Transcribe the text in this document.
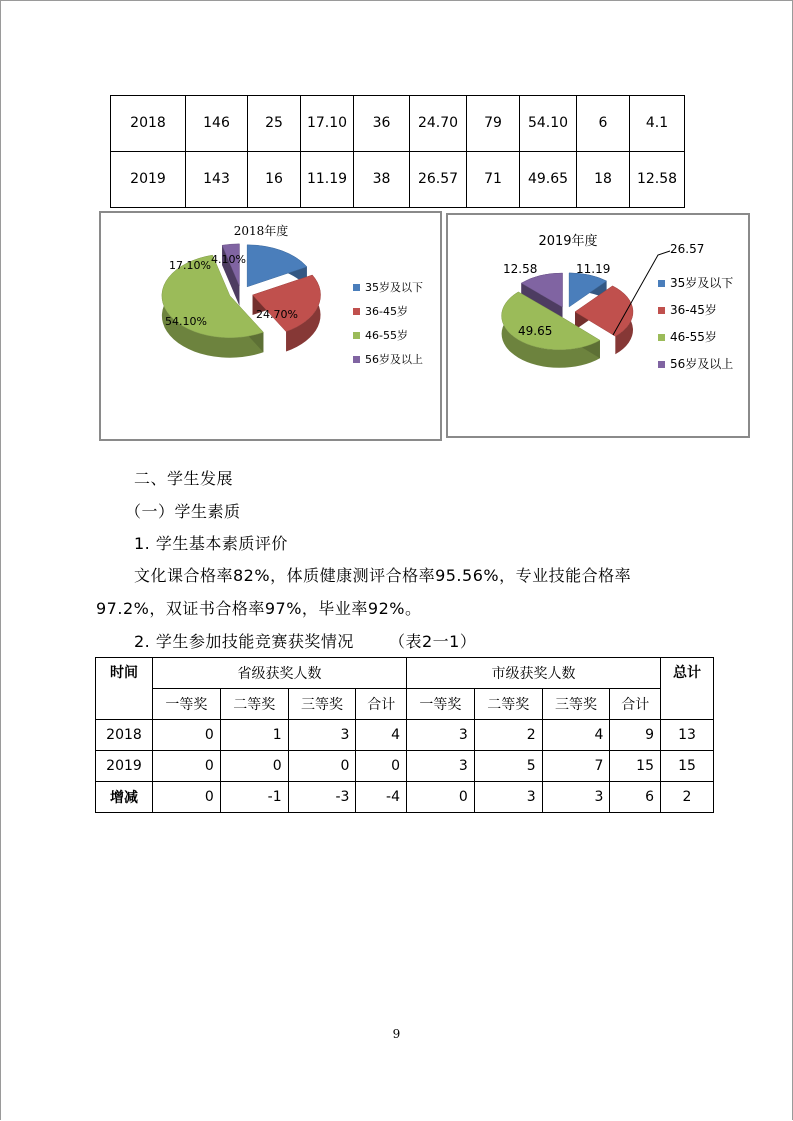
2018	146	25	17.10	36	24.70	79	54.10	6	4.1
2019	143	16	11.19	38	26.57	71	49.65	18	12.58
2018年度
17.10%
24.70%
54.10%
4.10%
35岁及以下
36-45岁
46-55岁
56岁及以上
2019年度
11.19
26.57
49.65
12.58
35岁及以下
36-45岁
46-55岁
56岁及以上
二、学生发展
（一）学生素质
1. 学生基本素质评价
文化课合格率82%，体质健康测评合格率95.56%，专业技能合格率
97.2%，双证书合格率97%，毕业率92%。
2. 学生参加技能竞赛获奖情况 （表2一1）
时间	省级获奖人数				市级获奖人数				总计
	一等奖	二等奖	三等奖	合计	一等奖	二等奖	三等奖	合计	
2018	0	1	3	4	3	2	4	9	13
2019	0	0	0	0	3	5	7	15	15
增减	0	-1	-3	-4	0	3	3	6	2
9
